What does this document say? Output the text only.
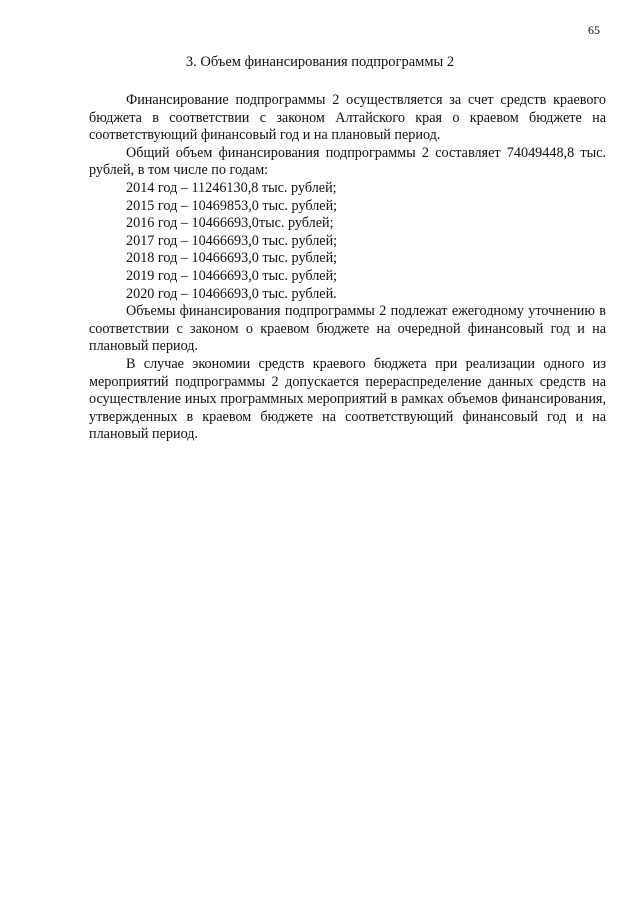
65
3. Объем финансирования подпрограммы 2

Финансирование подпрограммы 2 осуществляется за счет средств краевого бюджета в соответствии с законом Алтайского края о краевом бюджете на соответствующий финансовый год и на плановый период.

Общий объем финансирования подпрограммы 2 составляет 74049448,8 тыс. рублей, в том числе по годам:

2014 год – 11246130,8 тыс. рублей;
2015 год – 10469853,0 тыс. рублей;
2016 год – 10466693,0тыс. рублей;
2017 год – 10466693,0 тыс. рублей;
2018 год – 10466693,0 тыс. рублей;
2019 год – 10466693,0 тыс. рублей;
2020 год – 10466693,0 тыс. рублей.

Объемы финансирования подпрограммы 2 подлежат ежегодному уточнению в соответствии с законом о краевом бюджете на очередной финансовый год и на плановый период.

В случае экономии средств краевого бюджета при реализации одного из мероприятий подпрограммы 2 допускается перераспределение данных средств на осуществление иных программных мероприятий в рамках объемов финансирования, утвержденных в краевом бюджете на соответствующий финансовый год и на плановый период.
